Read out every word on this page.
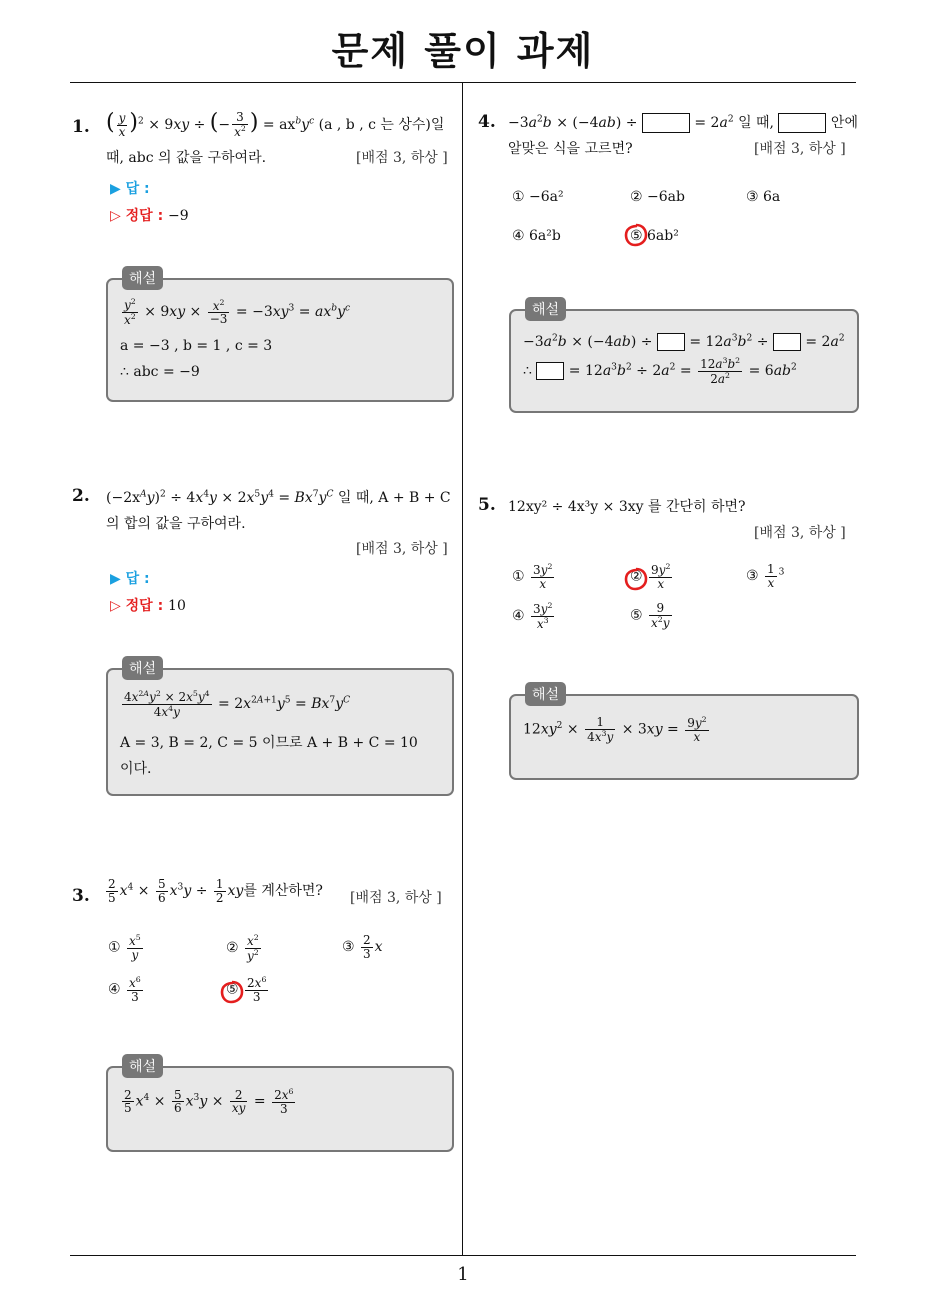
문제 풀이 과제
1
1. ( $\frac{y}{x} )^2 \times 9xy$ ÷ (− $\frac{3}{x^2}$ ) = $ax^by^c$ (a , b , c 는 상수)일
때, abc 의 값을 구하여라.	[배점 3, 하상 ]
▶ 답 :
▷ 정답 : −9
해설
$\frac{y^2}{x^2} \times 9xy \times \frac{x^2}{-3} = -3xy^3 = ax^by^c$
a = −3 , b = 1 , c = 3
∴ abc = −9
2. $(-2x^Ay)^2 \div 4x^4y \times 2x^5y^4 = Bx^7y^C$ 일 때, A + B + C
의 합의 값을 구하여라.
[배점 3, 하상 ]
▶ 답 :
▷ 정답 : 10
해설
$\frac{4x^{2A}y^2 \times 2x^5y^4}{4x^4y} = 2x^{2A+1}y^5 = Bx^7y^C$
A = 3, B = 2, C = 5 이므로 A + B + C = 10
이다.
3. $\frac{2}{5} x^4 \times \frac{5}{6} x^3y \div \frac{1}{2}$ xy를 계산하면? [배점 3, 하상 ]
① $\frac{x^5}{y}$	② $\frac{x^2}{y^2}$	③ $\frac{2}{3}$ x
④ $\frac{x^6}{3}$	⑤ $\frac{2x^6}{3}$
해설
$\frac{2}{5} x^4 \times \frac{5}{6} x^3y \times \frac{2}{xy} = \frac{2x^6}{3}$
4. $-3a^2b \times (-4ab)$ ÷	= $2a^2$ 일 때,	안에
알맞은 식을 고르면?	[배점 3, 하상 ]
① −6a²	② −6ab	③ 6a
④ 6a²b	⑤ 6ab²
해설
$-3a^2b \times (-4ab)$ ÷  = $12a^3b^2$ ÷  = $2a^2$
∴  = $12a^3b^2 \div 2a^2 = \frac{12a^3b^2}{2a^2} = 6ab^2$
5. 12xy² ÷ 4x³y × 3xy 를 간단히 하면?
[배점 3, 하상 ]
① $\frac{3y^2}{x}$	② $\frac{9y^2}{x}$	③ $\frac{1}{x} ^3$
④ $\frac{3y^2}{x^3}$	⑤ $\frac{9}{x^2y}$
해설
$12xy^2 \times \frac{1}{4x^3y} \times 3xy = \frac{9y^2}{x}$
